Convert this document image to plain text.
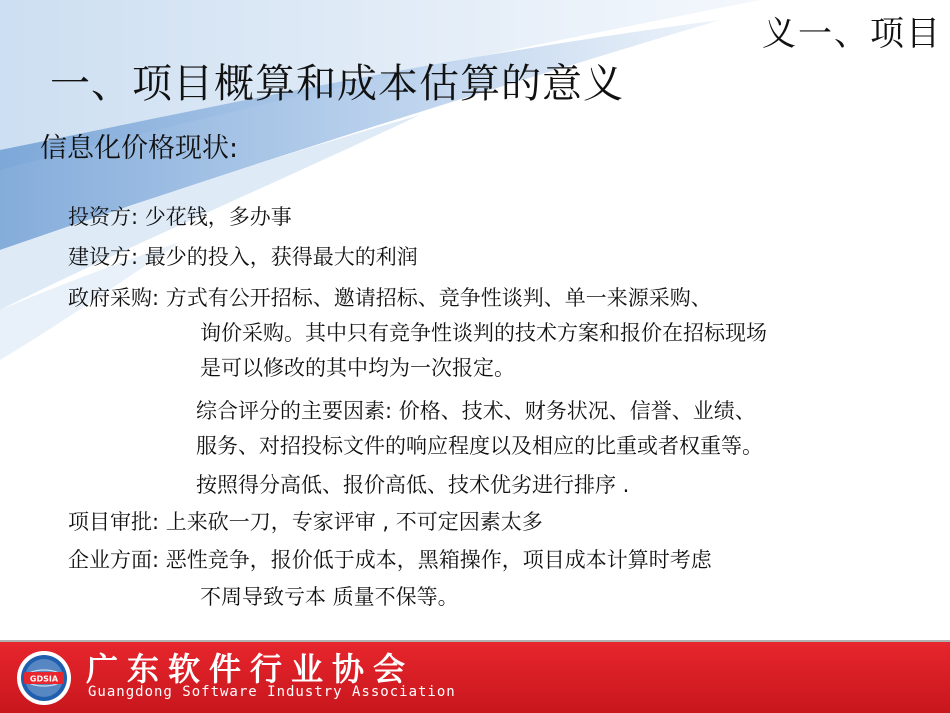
义一、项目
一、项目概算和成本估算的意义
信息化价格现状:
投资方: 少花钱，多办事
建设方: 最少的投入，获得最大的利润
政府采购: 方式有公开招标、邀请招标、竞争性谈判、单一来源采购、
询价采购。其中只有竞争性谈判的技术方案和报价在招标现场
是可以修改的其中均为一次报定。
综合评分的主要因素: 价格、技术、财务状况、信誉、业绩、
服务、对招投标文件的响应程度以及相应的比重或者权重等。
按照得分高低、报价高低、技术优劣进行排序 .
项目审批: 上来砍一刀，专家评审 , 不可定因素太多
企业方面: 恶性竞争，报价低于成本，黑箱操作，项目成本计算时考虑
不周导致亏本 质量不保等。
GDSIA 广东软件行业协会
Guangdong Software Industry Association
